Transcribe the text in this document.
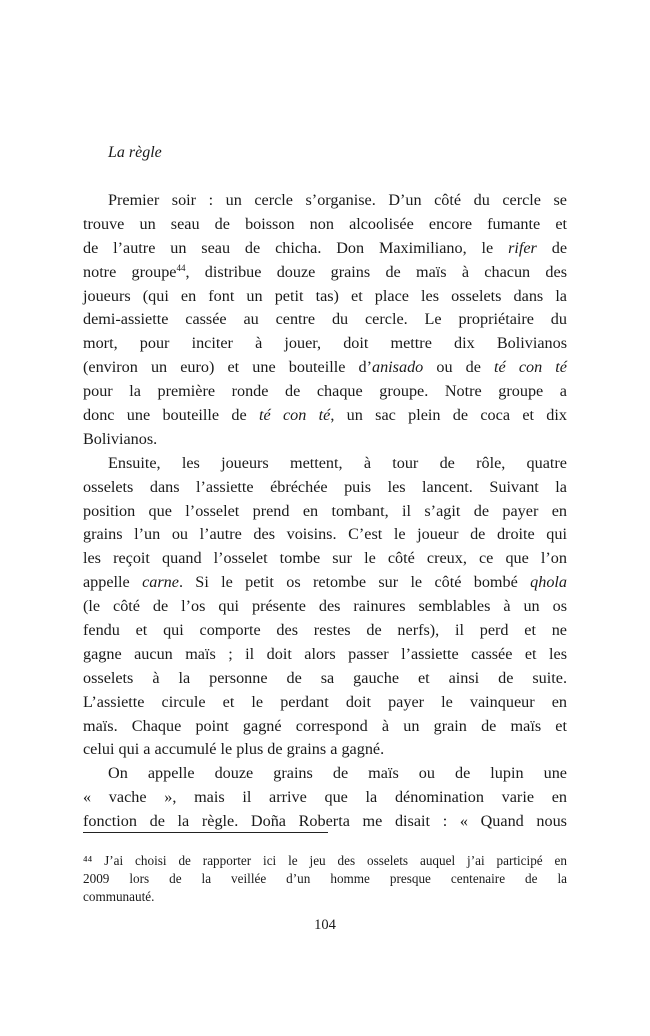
La règle
Premier soir : un cercle s’organise. D’un côté du cercle se
trouve un seau de boisson non alcoolisée encore fumante et
de l’autre un seau de chicha. Don Maximiliano, le rifer de
notre groupe$^{44}$, distribue douze grains de maïs à chacun des
joueurs (qui en font un petit tas) et place les osselets dans la
demi-assiette cassée au centre du cercle. Le propriétaire du
mort, pour inciter à jouer, doit mettre dix Bolivianos
(environ un euro) et une bouteille d’anisado ou de té con té
pour la première ronde de chaque groupe. Notre groupe a
donc une bouteille de té con té, un sac plein de coca et dix
Bolivianos.
Ensuite, les joueurs mettent, à tour de rôle, quatre
osselets dans l’assiette ébréchée puis les lancent. Suivant la
position que l’osselet prend en tombant, il s’agit de payer en
grains l’un ou l’autre des voisins. C’est le joueur de droite qui
les reçoit quand l’osselet tombe sur le côté creux, ce que l’on
appelle carne. Si le petit os retombe sur le côté bombé qhola
(le côté de l’os qui présente des rainures semblables à un os
fendu et qui comporte des restes de nerfs), il perd et ne
gagne aucun maïs ; il doit alors passer l’assiette cassée et les
osselets à la personne de sa gauche et ainsi de suite.
L’assiette circule et le perdant doit payer le vainqueur en
maïs. Chaque point gagné correspond à un grain de maïs et
celui qui a accumulé le plus de grains a gagné.
On appelle douze grains de maïs ou de lupin une
« vache », mais il arrive que la dénomination varie en
fonction de la règle. Doña Roberta me disait : « Quand nous
⁴⁴ J’ai choisi de rapporter ici le jeu des osselets auquel j’ai participé en
2009 lors de la veillée d’un homme presque centenaire de la
communauté.
104
